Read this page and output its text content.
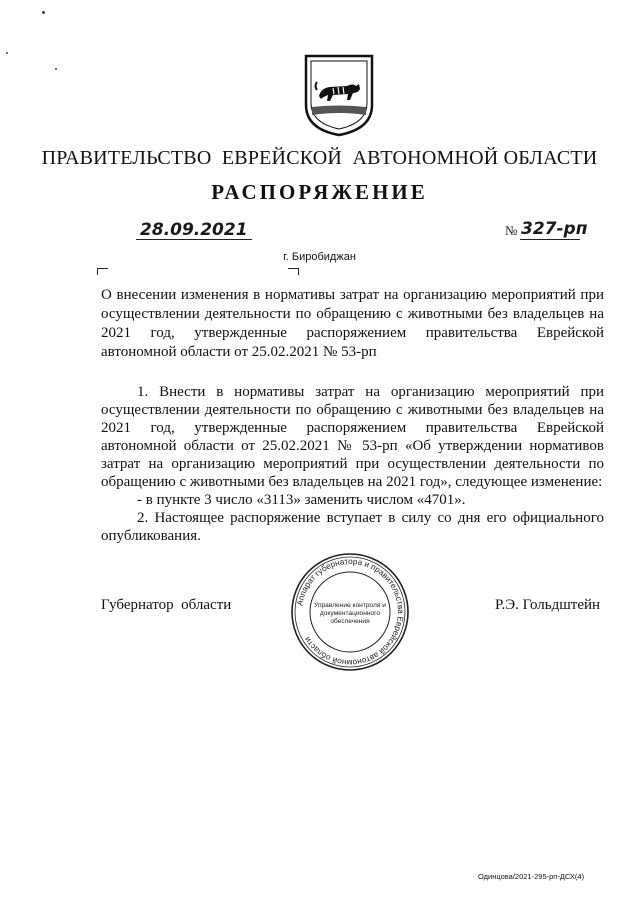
ПРАВИТЕЛЬСТВО  ЕВРЕЙСКОЙ  АВТОНОМНОЙ ОБЛАСТИ
РАСПОРЯЖЕНИЕ
28.09.2021	№ 327-рп
г. Биробиджан
О внесении изменения в нормативы затрат на организацию мероприятий при осуществлении деятельности по обращению с животными без владельцев на 2021 год, утвержденные распоряжением правительства Еврейской автономной области от 25.02.2021 № 53-рп

1. Внести в нормативы затрат на организацию мероприятий при осуществлении деятельности по обращению с животными без владельцев на 2021 год, утвержденные распоряжением правительства Еврейской автономной области от 25.02.2021 № 53-рп «Об утверждении нормативов затрат на организацию мероприятий при осуществлении деятельности по обращению с животными без владельцев на 2021 год», следующее изменение:

- в пункте 3 число «3113» заменить числом «4701».

2. Настоящее распоряжение вступает в силу со дня его официального опубликования.

Губернатор  области	Р.Э. Гольдштейн
Аппарат губернатора и правительства Еврейской автономной области
Управление контроля и
документационного
обеспечения
Одинцова/2021-295-рп-ДСХ(4)
